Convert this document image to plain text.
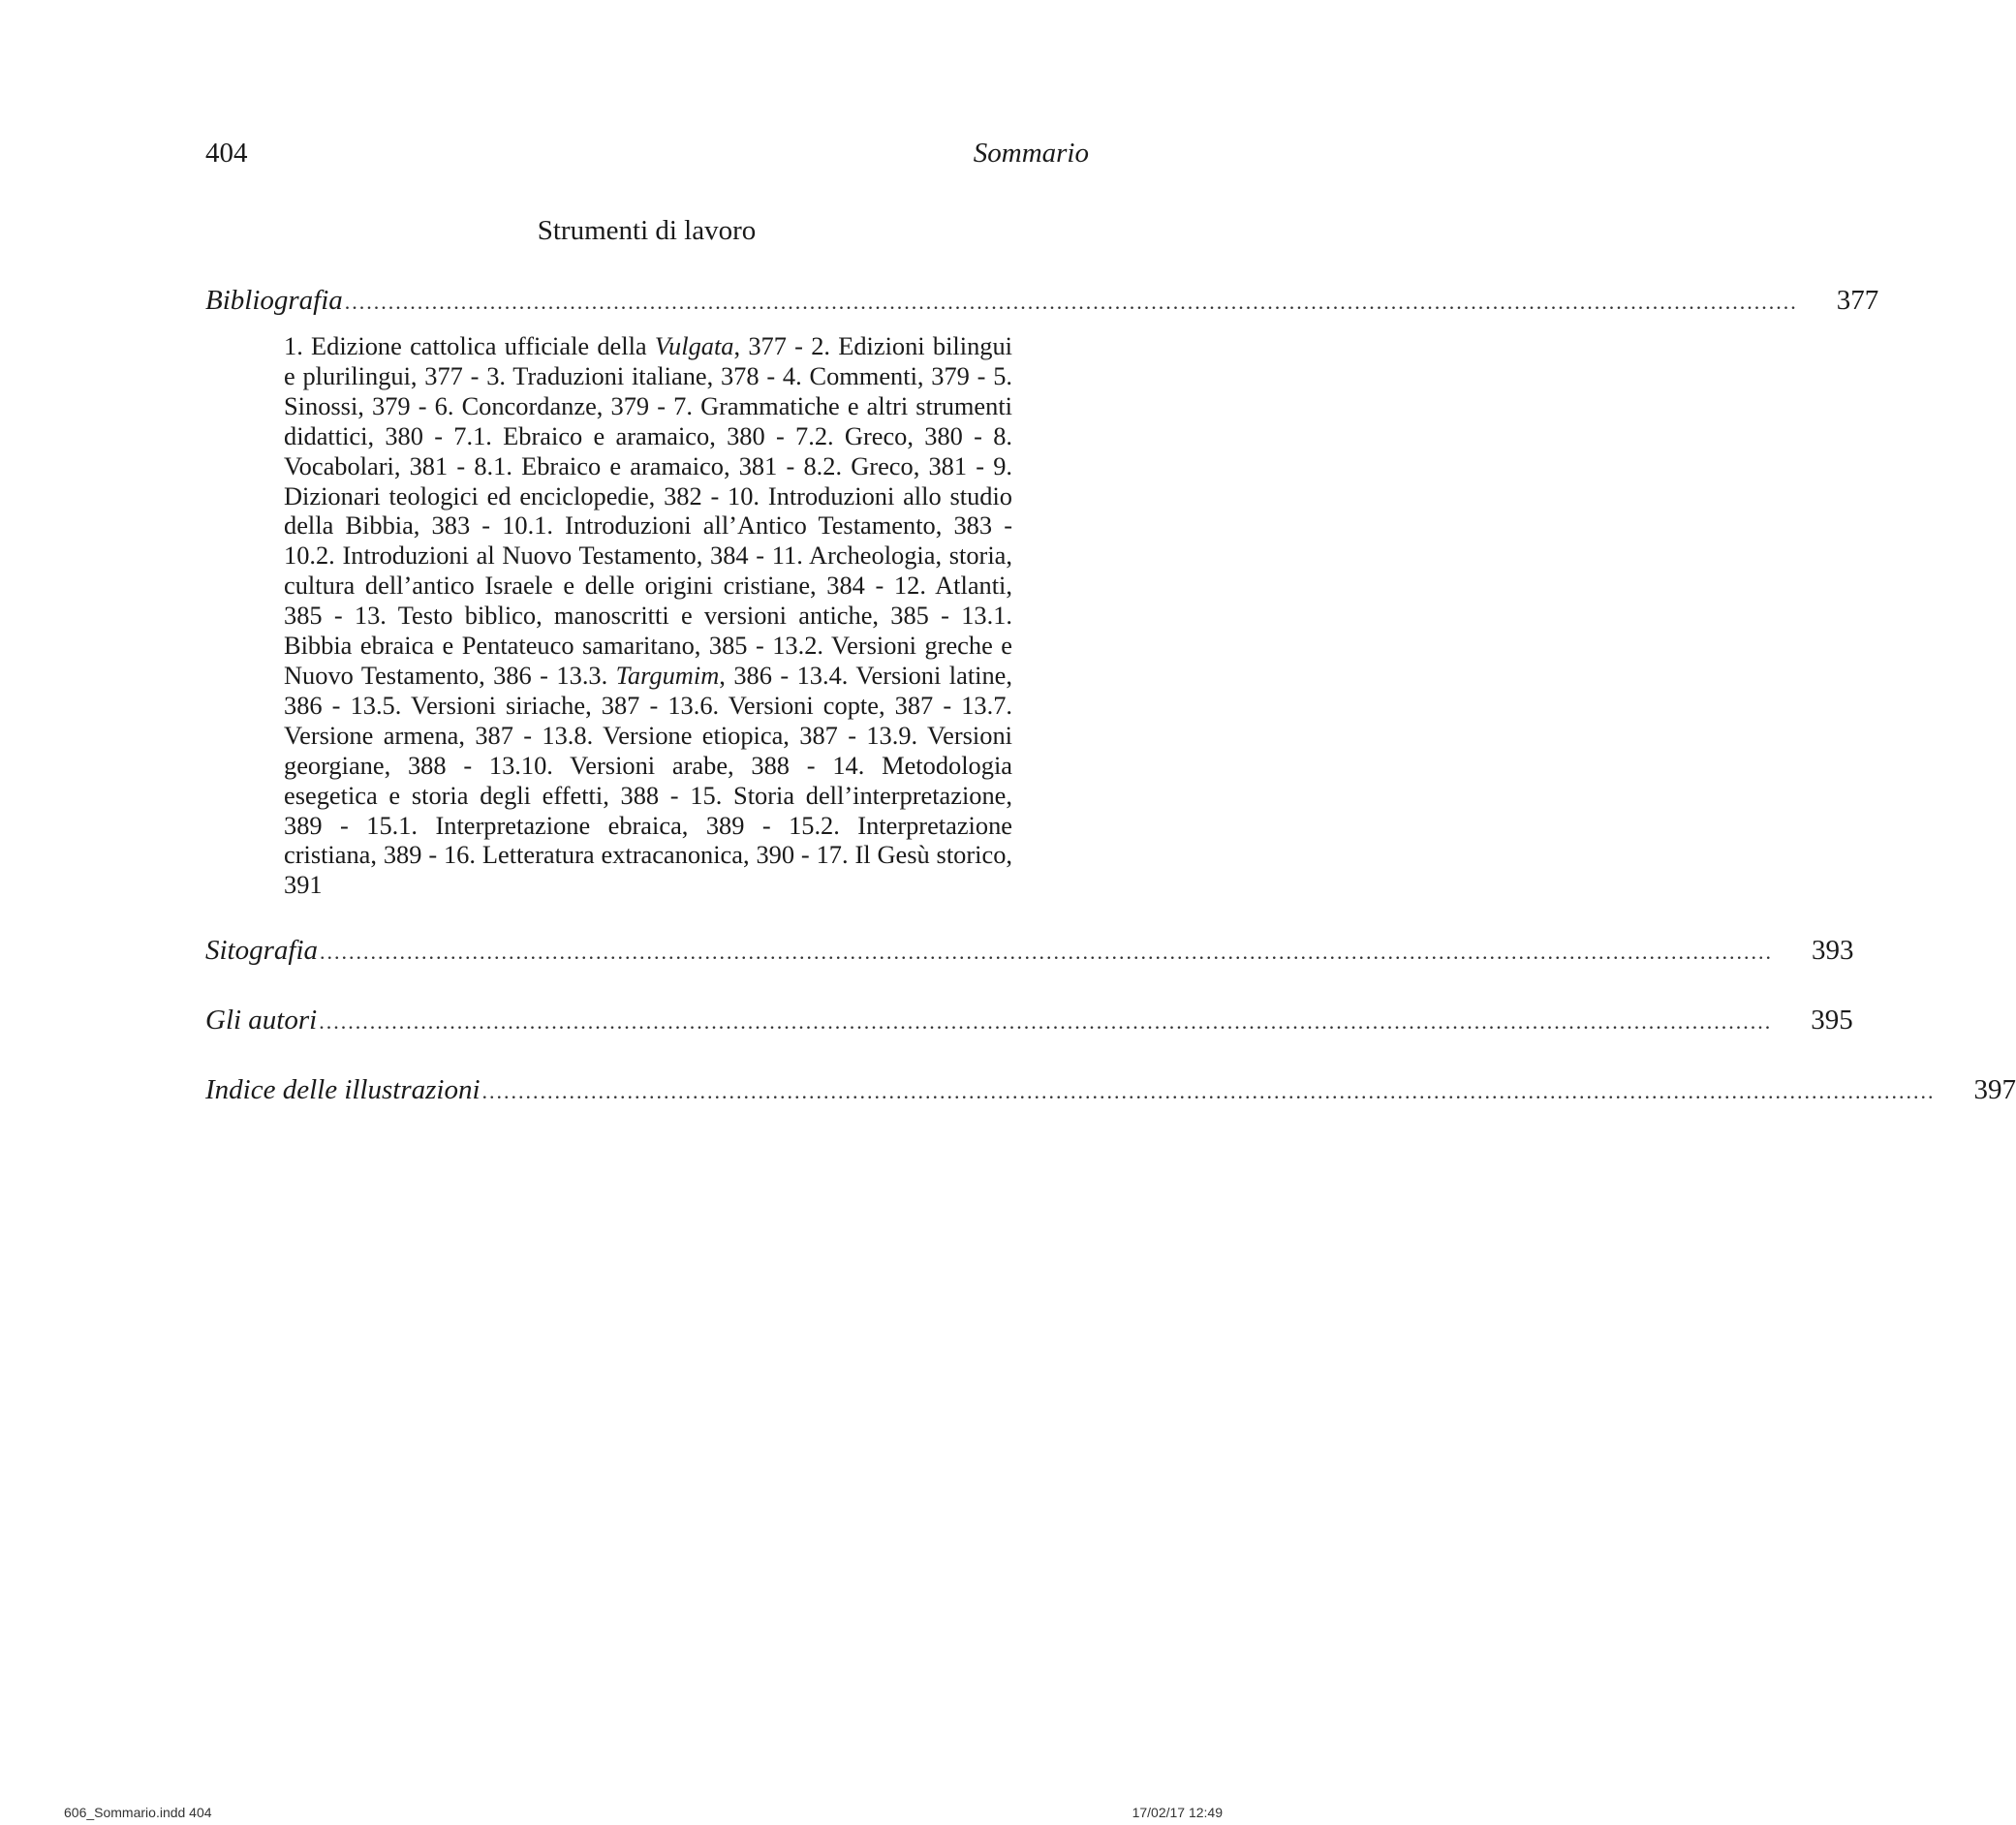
404	Sommario
Strumenti di lavoro
Bibliografia ........................................................................................................................................................................................................ 377
1. Edizione cattolica ufficiale della Vulgata, 377 - 2. Edizioni bilingui e plurilingui, 377 - 3. Traduzioni italiane, 378 - 4. Commenti, 379 - 5. Sinossi, 379 - 6. Concordanze, 379 - 7. Grammatiche e altri strumenti didattici, 380 - 7.1. Ebraico e aramaico, 380 - 7.2. Greco, 380 - 8. Vocabolari, 381 - 8.1. Ebraico e aramaico, 381 - 8.2. Greco, 381 - 9. Dizionari teologici ed enciclopedie, 382 - 10. Introduzioni allo studio della Bibbia, 383 - 10.1. Introduzioni all’Antico Testamento, 383 - 10.2. Introduzioni al Nuovo Testamento, 384 - 11. Archeologia, storia, cultura dell’antico Israele e delle origini cristiane, 384 - 12. Atlanti, 385 - 13. Testo biblico, manoscritti e versioni antiche, 385 - 13.1. Bibbia ebraica e Pentateuco samaritano, 385 - 13.2. Versioni greche e Nuovo Testamento, 386 - 13.3. Targumim, 386 - 13.4. Versioni latine, 386 - 13.5. Versioni siriache, 387 - 13.6. Versioni copte, 387 - 13.7. Versione armena, 387 - 13.8. Versione etiopica, 387 - 13.9. Versioni georgiane, 388 - 13.10. Versioni arabe, 388 - 14. Metodologia esegetica e storia degli effetti, 388 - 15. Storia dell’interpretazione, 389 - 15.1. Interpretazione ebraica, 389 - 15.2. Interpretazione cristiana, 389 - 16. Letteratura extracanonica, 390 - 17. Il Gesù storico, 391
Sitografia ........................................................................................................................................................................................................ 393
Gli autori ........................................................................................................................................................................................................ 395
Indice delle illustrazioni ........................................................................................................................................................................................................ 397
606_Sommario.indd 404	17/02/17 12:49
